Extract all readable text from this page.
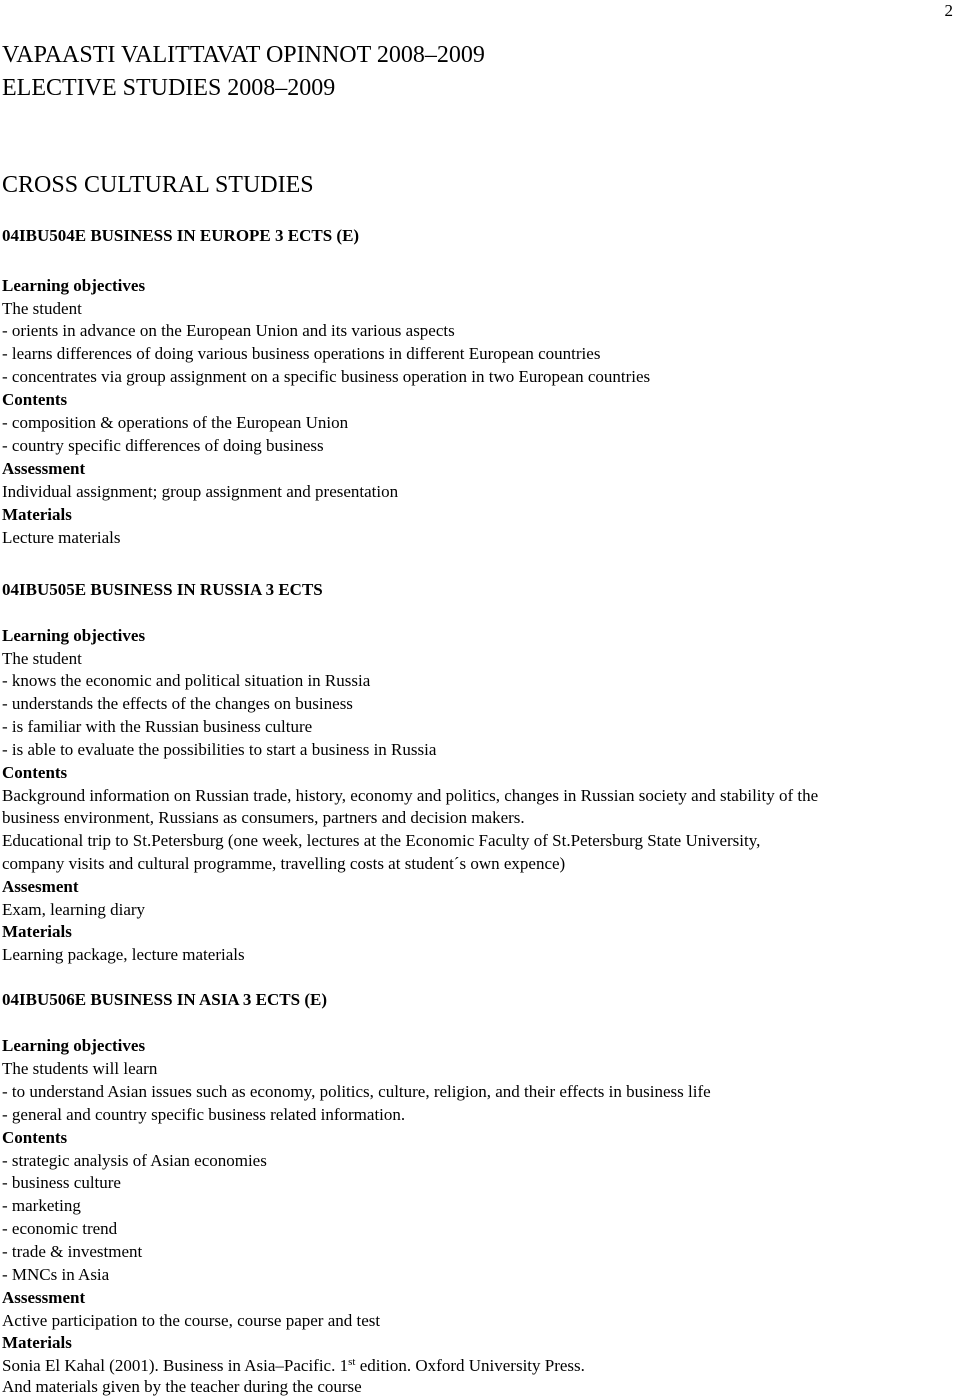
2
VAPAASTI VALITTAVAT OPINNOT 2008–2009
ELECTIVE STUDIES 2008–2009
CROSS CULTURAL STUDIES
04IBU504E BUSINESS IN EUROPE 3 ECTS (E)
Learning objectives
The student
- orients in advance on the European Union and its various aspects
- learns differences of doing various business operations in different European countries
- concentrates via group assignment on a specific business operation in two European countries
Contents
- composition & operations of the European Union
- country specific differences of doing business
Assessment
Individual assignment; group assignment and presentation
Materials
Lecture materials
04IBU505E BUSINESS IN RUSSIA 3 ECTS
Learning objectives
The student
- knows the economic and political situation in Russia
- understands the effects of the changes on business
- is familiar with the Russian business culture
- is able to evaluate the possibilities to start a business in Russia
Contents
Background information on Russian trade, history, economy and politics, changes in Russian society and stability of the
business environment, Russians as consumers, partners and decision makers.
Educational trip to St.Petersburg (one week, lectures at the Economic Faculty of St.Petersburg State University,
company visits and cultural programme, travelling costs at student´s own expence)
Assesment
Exam, learning diary
Materials
Learning package, lecture materials
04IBU506E BUSINESS IN ASIA 3 ECTS (E)
Learning objectives
The students will learn
- to understand Asian issues such as economy, politics, culture, religion, and their effects in business life
- general and country specific business related information.
Contents
- strategic analysis of Asian economies
- business culture
- marketing
- economic trend
- trade & investment
- MNCs in Asia
Assessment
Active participation to the course, course paper and test
Materials
Sonia El Kahal (2001). Business in Asia–Pacific. 1st edition. Oxford University Press.
And materials given by the teacher during the course
